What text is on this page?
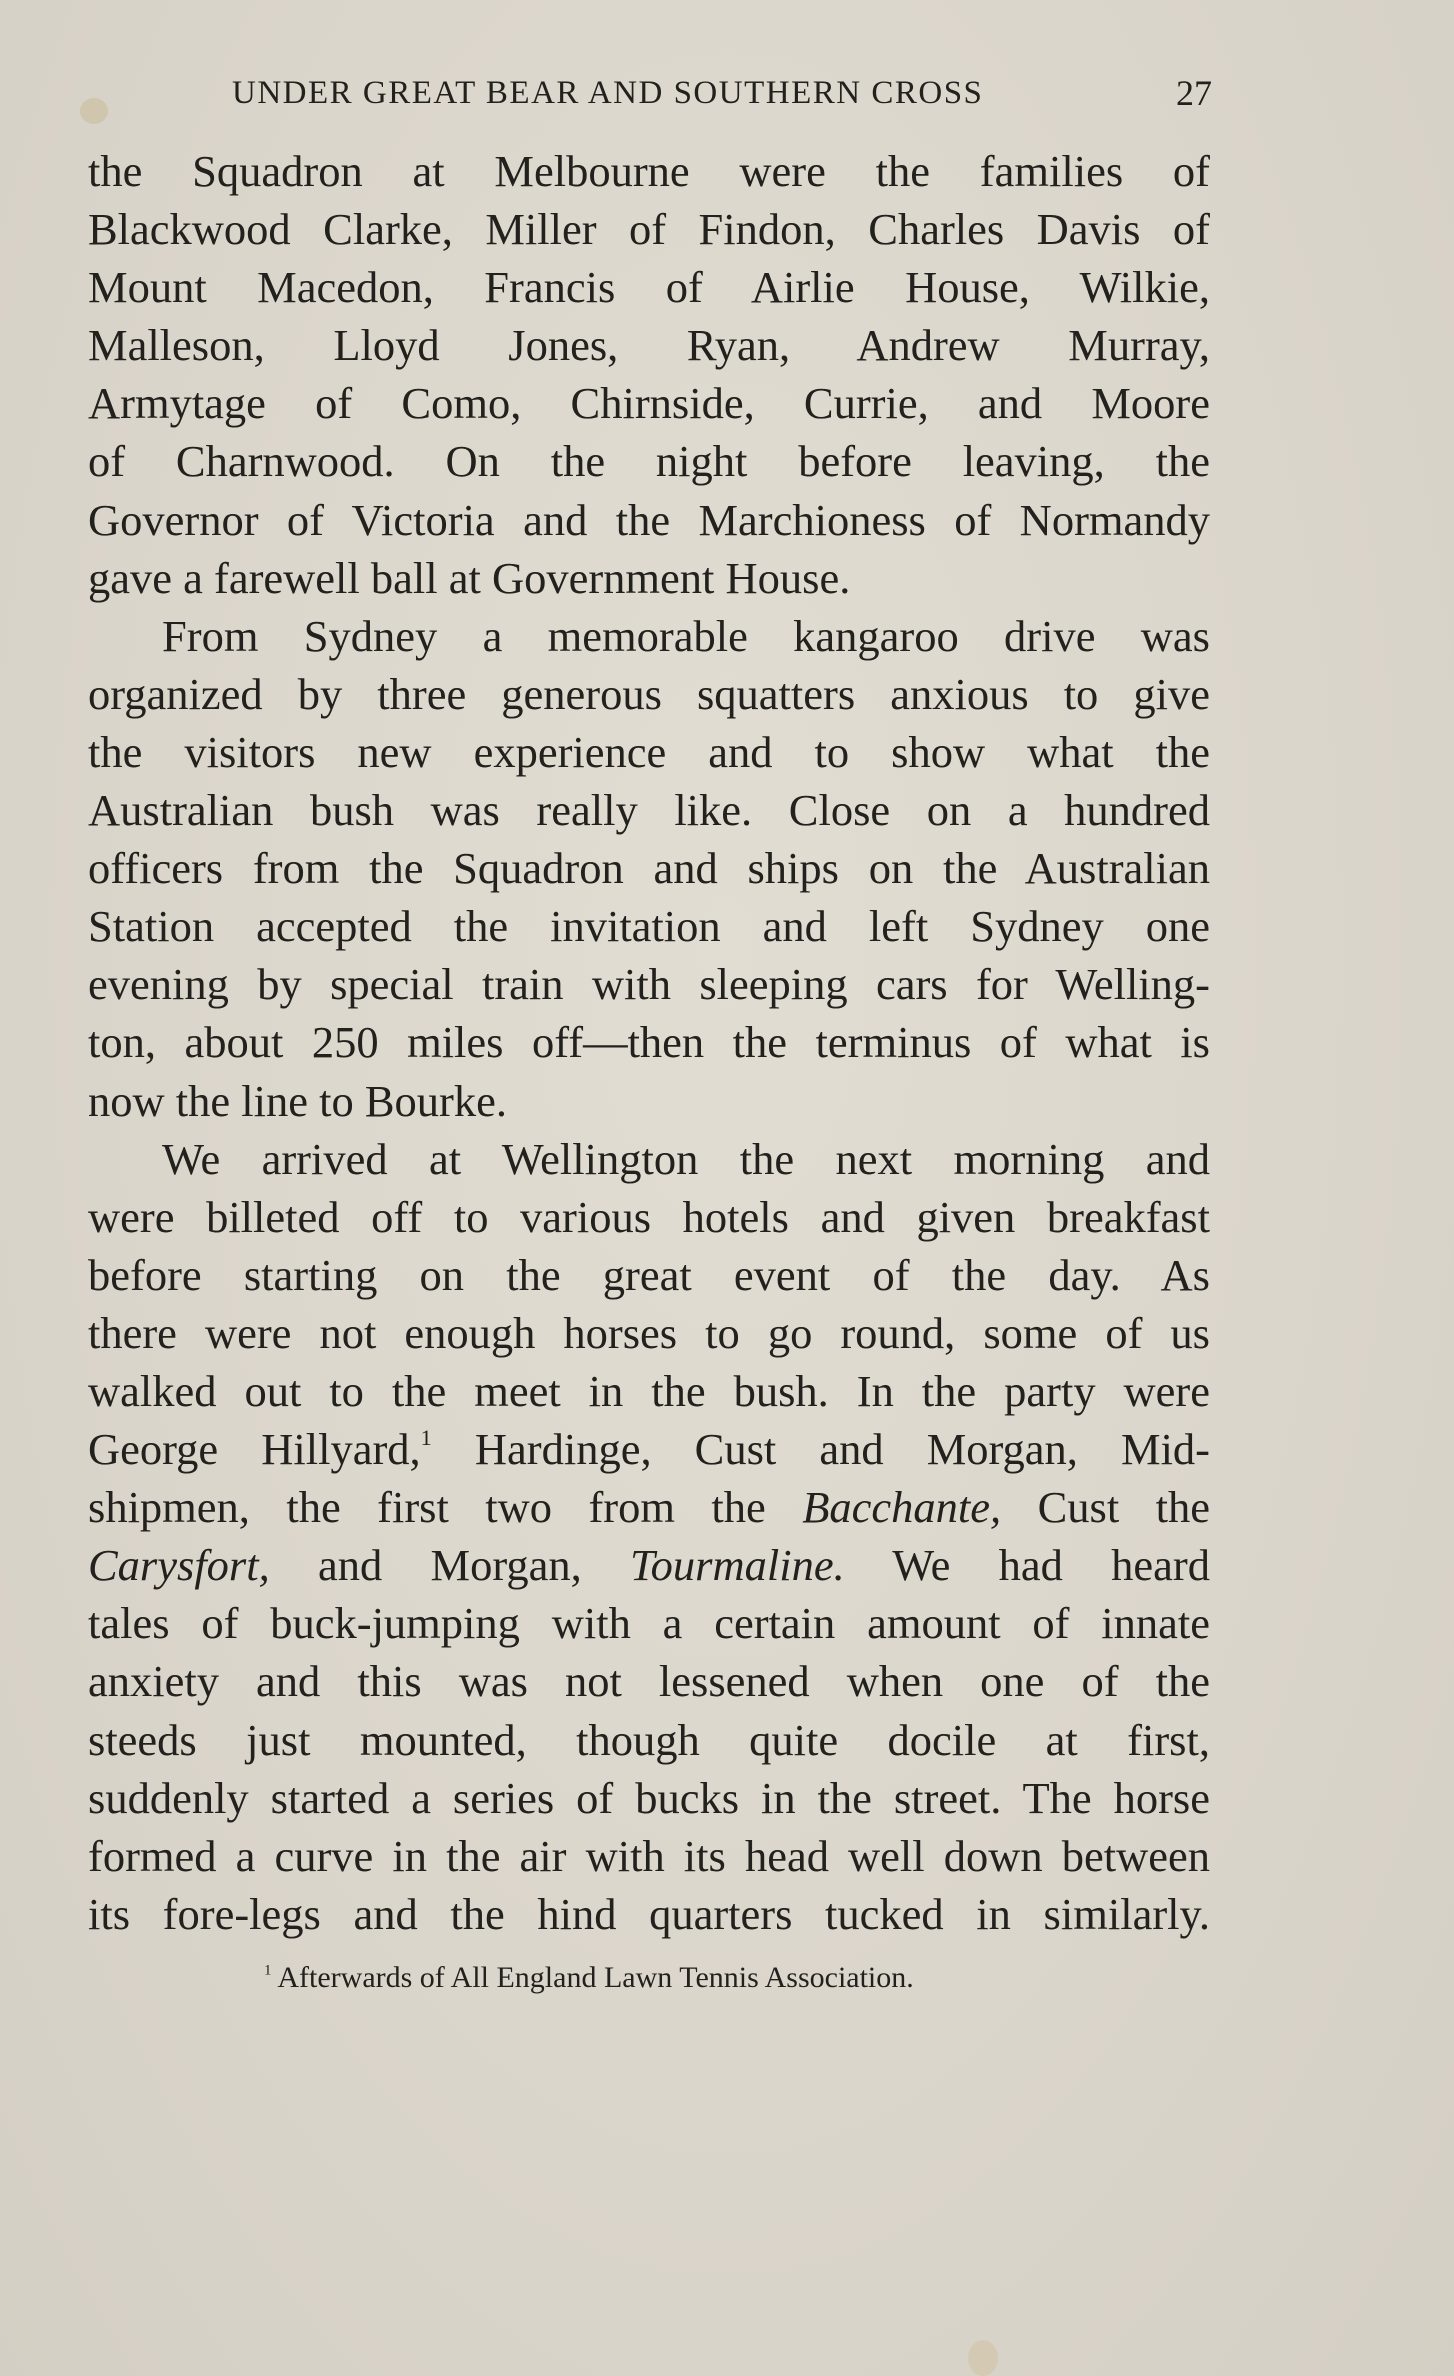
UNDER GREAT BEAR AND SOUTHERN CROSS	27
the Squadron at Melbourne were the families of
Blackwood Clarke, Miller of Findon, Charles Davis of
Mount Macedon, Francis of Airlie House, Wilkie,
Malleson, Lloyd Jones, Ryan, Andrew Murray,
Armytage of Como, Chirnside, Currie, and Moore
of Charnwood. On the night before leaving, the
Governor of Victoria and the Marchioness of Normandy
gave a farewell ball at Government House.
From Sydney a memorable kangaroo drive was
organized by three generous squatters anxious to give
the visitors new experience and to show what the
Australian bush was really like. Close on a hundred
officers from the Squadron and ships on the Australian
Station accepted the invitation and left Sydney one
evening by special train with sleeping cars for Welling-
ton, about 250 miles off—then the terminus of what is
now the line to Bourke.
We arrived at Wellington the next morning and
were billeted off to various hotels and given breakfast
before starting on the great event of the day. As
there were not enough horses to go round, some of us
walked out to the meet in the bush. In the party were
George Hillyard,$^1$ Hardinge, Cust and Morgan, Mid-
shipmen, the first two from the Bacchante, Cust the
Carysfort, and Morgan, Tourmaline. We had heard
tales of buck-jumping with a certain amount of innate
anxiety and this was not lessened when one of the
steeds just mounted, though quite docile at first,
suddenly started a series of bucks in the street. The horse
formed a curve in the air with its head well down between
its fore-legs and the hind quarters tucked in similarly.
$^1$ Afterwards of All England Lawn Tennis Association.
